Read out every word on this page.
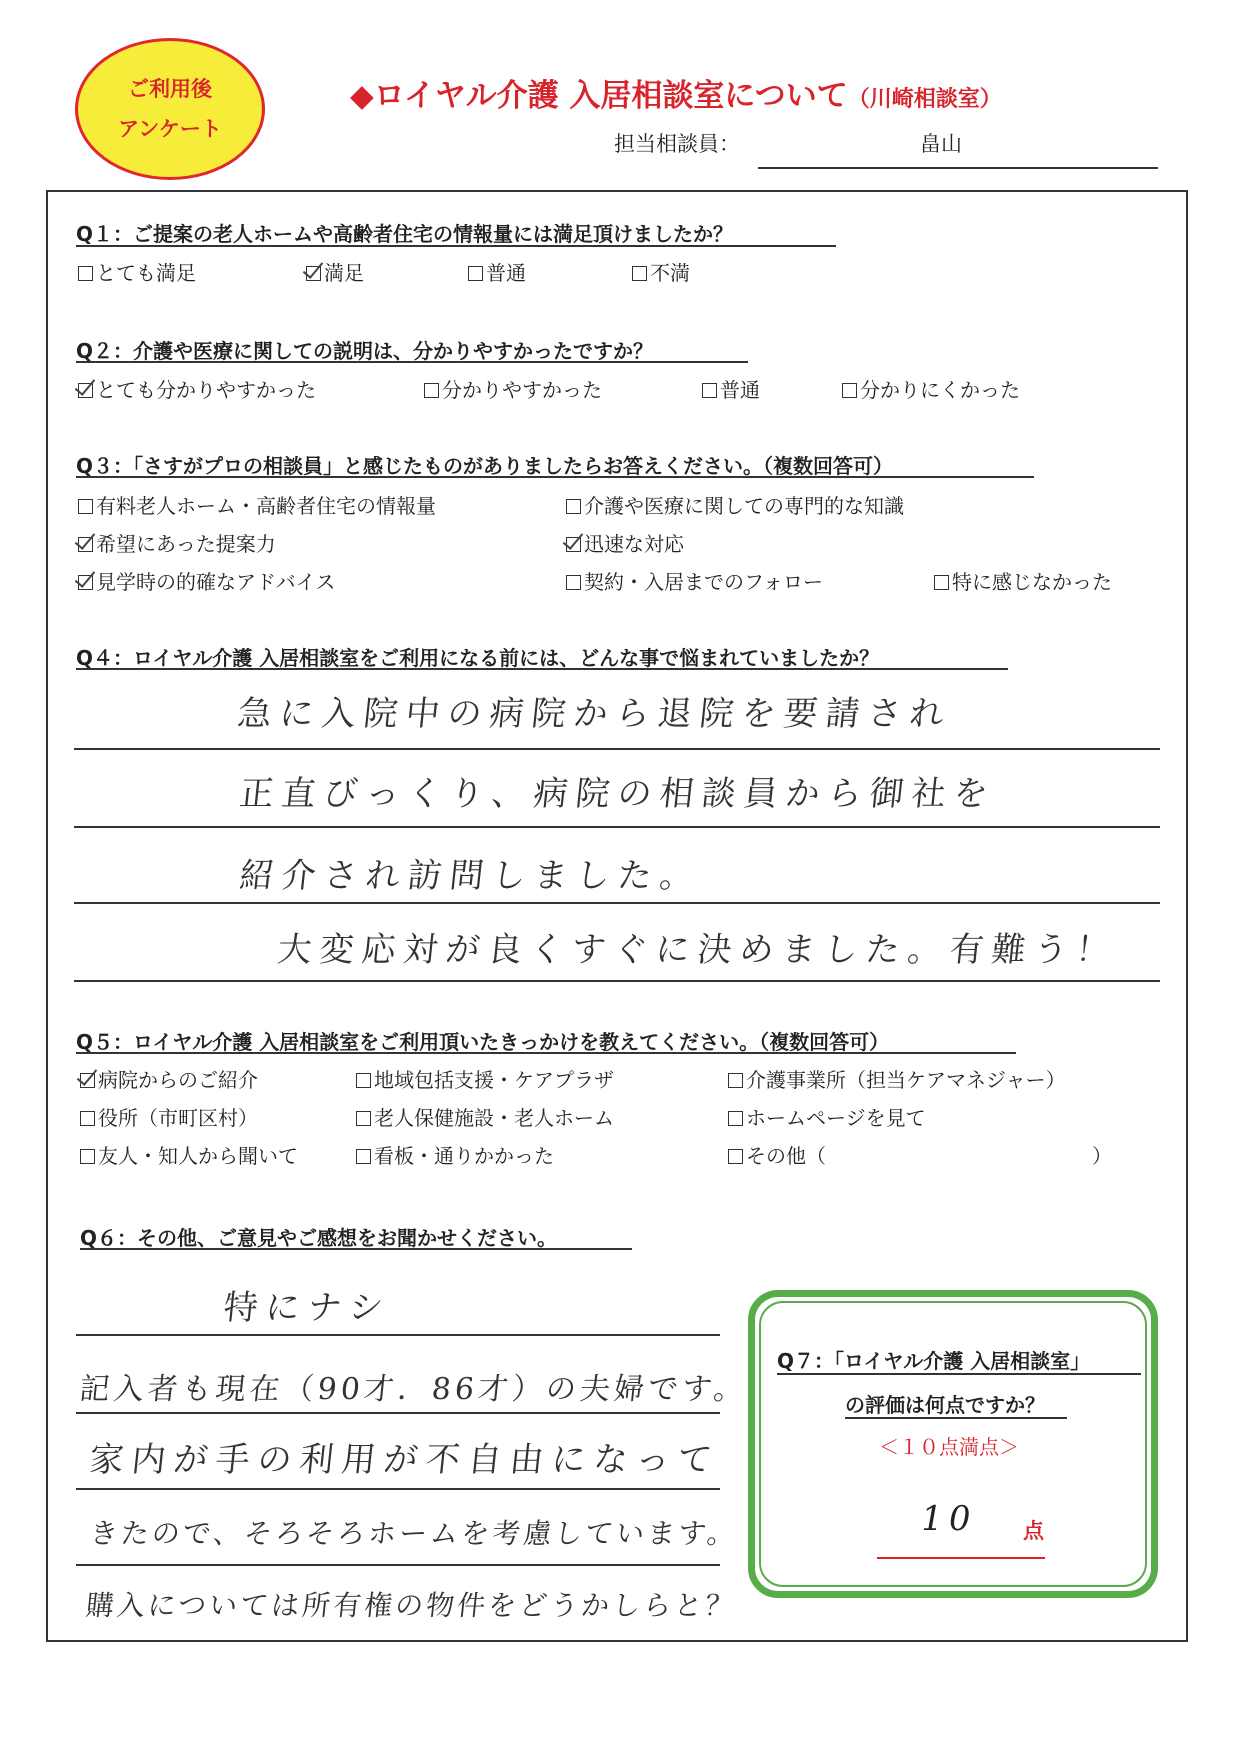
ご利用後
アンケート
◆ロイヤル介護 入居相談室について（川崎相談室）
担当相談員：	畠山
Q１：ご提案の老人ホームや高齢者住宅の情報量には満足頂けましたか？
とても満足	満足	普通	不満
Q２：介護や医療に関しての説明は、分かりやすかったですか？
とても分かりやすかった	分かりやすかった	普通	分かりにくかった
Q３：「さすがプロの相談員」と感じたものがありましたらお答えください。（複数回答可）
有料老人ホーム・高齢者住宅の情報量	介護や医療に関しての専門的な知識
希望にあった提案力	迅速な対応
見学時の的確なアドバイス	契約・入居までのフォロー	特に感じなかった
Q４：ロイヤル介護 入居相談室をご利用になる前には、どんな事で悩まれていましたか？
急に入院中の病院から退院を要請され
正直びっくり、病院の相談員から御社を
紹介され訪問しました。
大変応対が良くすぐに決めました。有難う！
Q５：ロイヤル介護 入居相談室をご利用頂いたきっかけを教えてください。（複数回答可）
病院からのご紹介	地域包括支援・ケアプラザ	介護事業所（担当ケアマネジャー）
役所（市町区村）	老人保健施設・老人ホーム	ホームページを見て
友人・知人から聞いて	看板・通りかかった	その他（	）
Q６：その他、ご意見やご感想をお聞かせください。
特にナシ
記入者も現在（90才．86才）の夫婦です。
家内が手の利用が不自由になって
きたので、そろそろホームを考慮しています。
購入については所有権の物件をどうかしらと？
Q７：「ロイヤル介護 入居相談室」
の評価は何点ですか？
＜１０点満点＞
10 点
